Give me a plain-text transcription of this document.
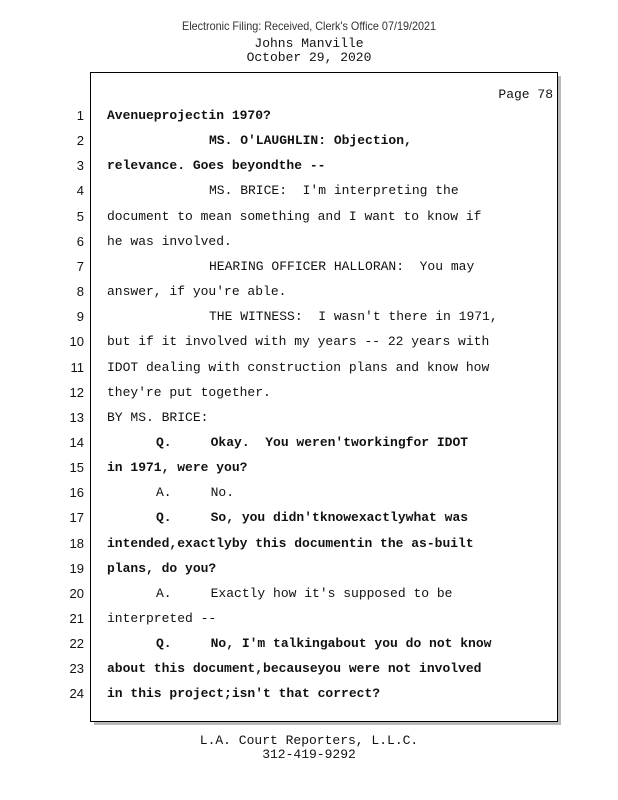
Electronic Filing: Received, Clerk's Office 07/19/2021
Johns Manville
October 29, 2020
Page 78
1 Avenueprojectin 1970?
2	MS. O'LAUGHLIN: Objection,
3 relevance. Goes beyondthe --
4	MS. BRICE:  I'm interpreting the
5 document to mean something and I want to know if
6 he was involved.
7	HEARING OFFICER HALLORAN:  You may
8 answer, if you're able.
9	THE WITNESS:  I wasn't there in 1971,
10 but if it involved with my years -- 22 years with
11 IDOT dealing with construction plans and know how
12 they're put together.
13 BY MS. BRICE:
14	Q.     Okay.  You weren'tworkingfor IDOT
15 in 1971, were you?
16	A.     No.
17	Q.     So, you didn'tknowexactlywhat was
18 intended,exactlyby this documentin the as-built
19 plans, do you?
20	A.     Exactly how it's supposed to be
21 interpreted --
22	Q.     No, I'm talkingabout you do not know
23 about this document,becauseyou were not involved
24 in this project;isn't that correct?
L.A. Court Reporters, L.L.C.
312-419-9292
